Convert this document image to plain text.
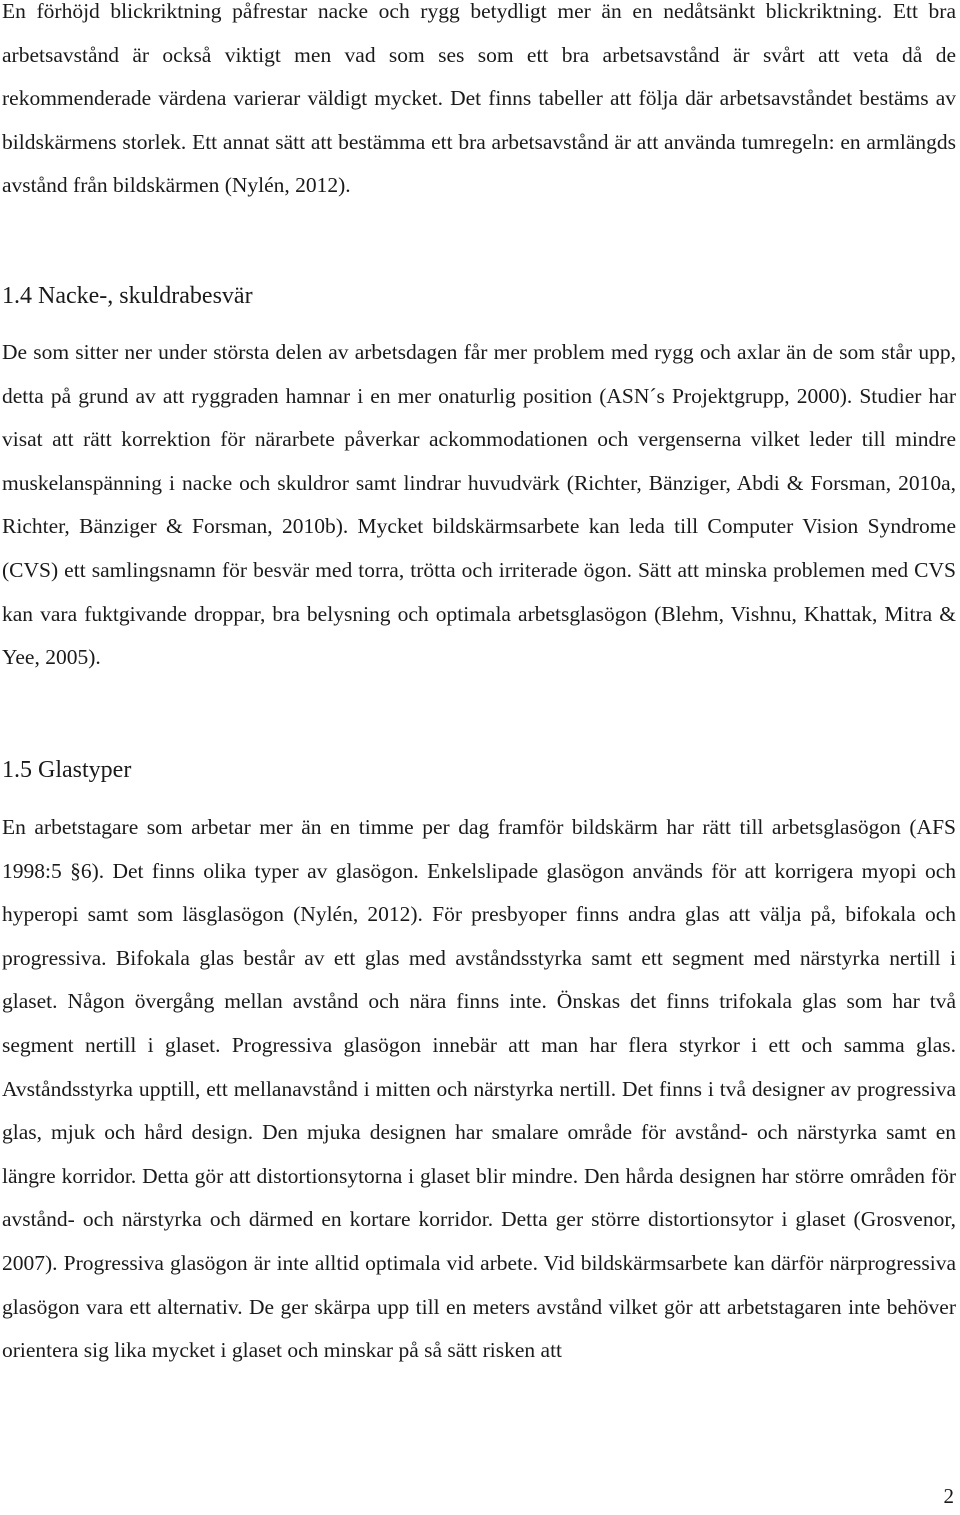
En förhöjd blickriktning påfrestar nacke och rygg betydligt mer än en nedåtsänkt blickriktning. Ett bra arbetsavstånd är också viktigt men vad som ses som ett bra arbetsavstånd är svårt att veta då de rekommenderade värdena varierar väldigt mycket. Det finns tabeller att följa där arbetsavståndet bestäms av bildskärmens storlek. Ett annat sätt att bestämma ett bra arbetsavstånd är att använda tumregeln: en armlängds avstånd från bildskärmen (Nylén, 2012).

1.4 Nacke-, skuldrabesvär

De som sitter ner under största delen av arbetsdagen får mer problem med rygg och axlar än de som står upp, detta på grund av att ryggraden hamnar i en mer onaturlig position (ASN´s Projektgrupp, 2000). Studier har visat att rätt korrektion för närarbete påverkar ackommodationen och vergenserna vilket leder till mindre muskelanspänning i nacke och skuldror samt lindrar huvudvärk (Richter, Bänziger, Abdi & Forsman, 2010a, Richter, Bänziger & Forsman, 2010b). Mycket bildskärmsarbete kan leda till Computer Vision Syndrome (CVS) ett samlingsnamn för besvär med torra, trötta och irriterade ögon. Sätt att minska problemen med CVS kan vara fuktgivande droppar, bra belysning och optimala arbetsglasögon (Blehm, Vishnu, Khattak, Mitra & Yee, 2005).

1.5 Glastyper

En arbetstagare som arbetar mer än en timme per dag framför bildskärm har rätt till arbetsglasögon (AFS 1998:5 §6). Det finns olika typer av glasögon. Enkelslipade glasögon används för att korrigera myopi och hyperopi samt som läsglasögon (Nylén, 2012). För presbyoper finns andra glas att välja på, bifokala och progressiva. Bifokala glas består av ett glas med avståndsstyrka samt ett segment med närstyrka nertill i glaset. Någon övergång mellan avstånd och nära finns inte. Önskas det finns trifokala glas som har två segment nertill i glaset. Progressiva glasögon innebär att man har flera styrkor i ett och samma glas. Avståndsstyrka upptill, ett mellanavstånd i mitten och närstyrka nertill. Det finns i två designer av progressiva glas, mjuk och hård design. Den mjuka designen har smalare område för avstånd- och närstyrka samt en längre korridor. Detta gör att distortionsytorna i glaset blir mindre. Den hårda designen har större områden för avstånd- och närstyrka och därmed en kortare korridor. Detta ger större distortionsytor i glaset (Grosvenor, 2007). Progressiva glasögon är inte alltid optimala vid arbete. Vid bildskärmsarbete kan därför närprogressiva glasögon vara ett alternativ. De ger skärpa upp till en meters avstånd vilket gör att arbetstagaren inte behöver orientera sig lika mycket i glaset och minskar på så sätt risken att

2
